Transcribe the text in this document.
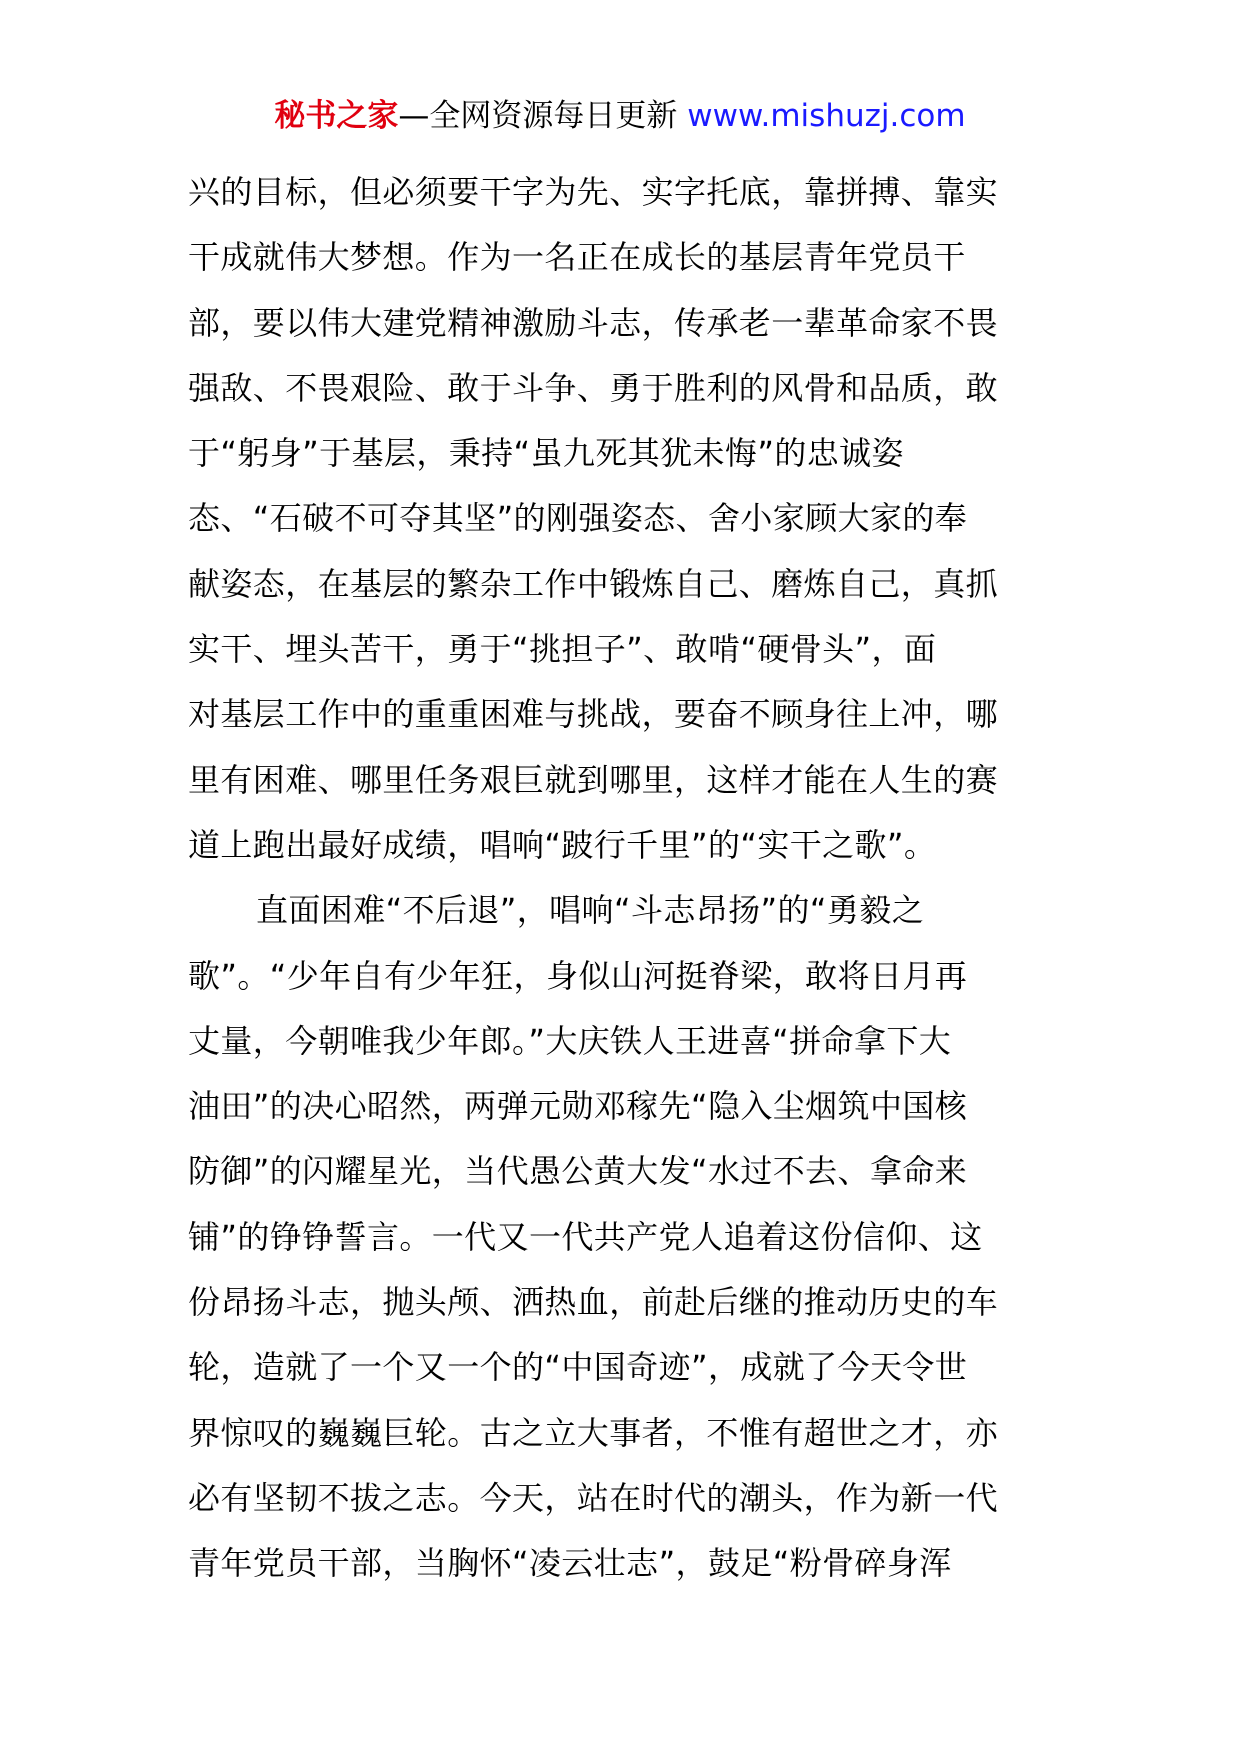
秘书之家—全网资源每日更新 www.mishuzj.com
兴的目标，但必须要干字为先、实字托底，靠拼搏、靠实
干成就伟大梦想。作为一名正在成长的基层青年党员干
部，要以伟大建党精神激励斗志，传承老一辈革命家不畏
强敌、不畏艰险、敢于斗争、勇于胜利的风骨和品质，敢
于“躬身”于基层，秉持“虽九死其犹未悔”的忠诚姿
态、“石破不可夺其坚”的刚强姿态、舍小家顾大家的奉
献姿态，在基层的繁杂工作中锻炼自己、磨炼自己，真抓
实干、埋头苦干，勇于“挑担子”、敢啃“硬骨头”，面
对基层工作中的重重困难与挑战，要奋不顾身往上冲，哪
里有困难、哪里任务艰巨就到哪里，这样才能在人生的赛
道上跑出最好成绩，唱响“跛行千里”的“实干之歌”。
直面困难“不后退”，唱响“斗志昂扬”的“勇毅之
歌”。“少年自有少年狂，身似山河挺脊梁，敢将日月再
丈量，今朝唯我少年郎。”大庆铁人王进喜“拼命拿下大
油田”的决心昭然，两弹元勋邓稼先“隐入尘烟筑中国核
防御”的闪耀星光，当代愚公黄大发“水过不去、拿命来
铺”的铮铮誓言。一代又一代共产党人追着这份信仰、这
份昂扬斗志，抛头颅、洒热血，前赴后继的推动历史的车
轮，造就了一个又一个的“中国奇迹”，成就了今天令世
界惊叹的巍巍巨轮。古之立大事者，不惟有超世之才，亦
必有坚韧不拔之志。今天，站在时代的潮头，作为新一代
青年党员干部，当胸怀“凌云壮志”，鼓足“粉骨碎身浑
